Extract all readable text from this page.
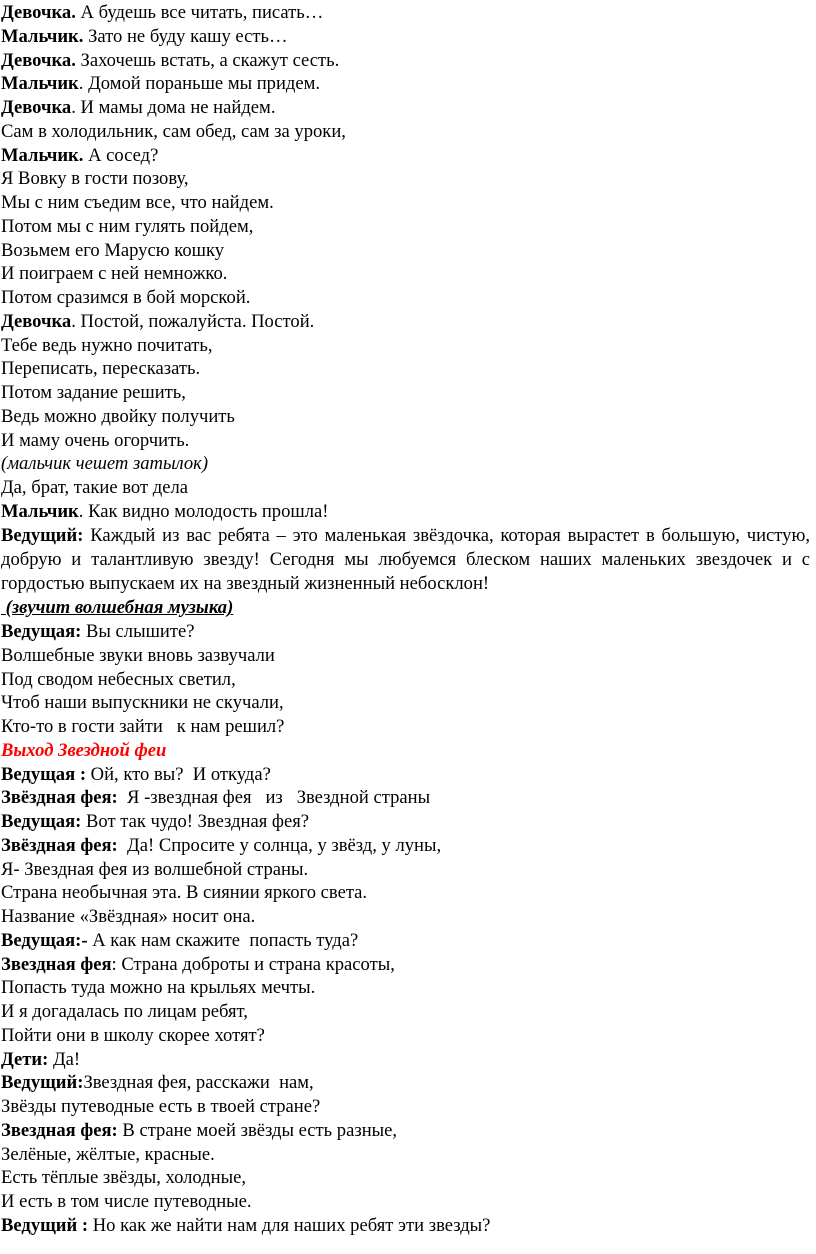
Девочка. А будешь все читать, писать…
Мальчик. Зато не буду кашу есть…
Девочка. Захочешь встать, а скажут сесть.
Мальчик. Домой пораньше мы придем.
Девочка. И мамы дома не найдем.
Сам в холодильник, сам обед, сам за уроки,
Мальчик. А сосед?
Я Вовку в гости позову,
Мы с ним съедим все, что найдем.
Потом мы с ним гулять пойдем,
Возьмем его Марусю кошку
И поиграем с ней немножко.
Потом сразимся в бой морской.
Девочка. Постой, пожалуйста. Постой.
Тебе ведь нужно почитать,
Переписать, пересказать.
Потом задание решить,
Ведь можно двойку получить
И маму очень огорчить.
(мальчик чешет затылок)
Да, брат, такие вот дела
Мальчик. Как видно молодость прошла!
Ведущий: Каждый из вас ребята – это маленькая звёздочка, которая вырастет в большую, чистую, добрую и талантливую звезду! Сегодня мы любуемся блеском наших маленьких звездочек и с гордостью выпускаем их на звездный жизненный небосклон!
(звучит волшебная музыка)
Ведущая: Вы слышите?
Волшебные звуки вновь зазвучали
Под сводом небесных светил,
Чтоб наши выпускники не скучали,
Кто-то в гости зайти   к нам решил?
Выход Звездной феи
Ведущая : Ой, кто вы?  И откуда?
Звёздная фея:  Я -звездная фея   из   Звездной страны
Ведущая: Вот так чудо! Звездная фея?
Звёздная фея:  Да! Спросите у солнца, у звёзд, у луны,
Я- Звездная фея из волшебной страны.
Страна необычная эта. В сиянии яркого света.
Название «Звёздная» носит она.
Ведущая:- А как нам скажите  попасть туда?
Звездная фея: Страна доброты и страна красоты,
Попасть туда можно на крыльях мечты.
И я догадалась по лицам ребят,
Пойти они в школу скорее хотят?
Дети: Да!
Ведущий:Звездная фея, расскажи  нам,
Звёзды путеводные есть в твоей стране?
Звездная фея: В стране моей звёзды есть разные,
Зелёные, жёлтые, красные.
Есть тёплые звёзды, холодные,
И есть в том числе путеводные.
Ведущий : Но как же найти нам для наших ребят эти звезды?
